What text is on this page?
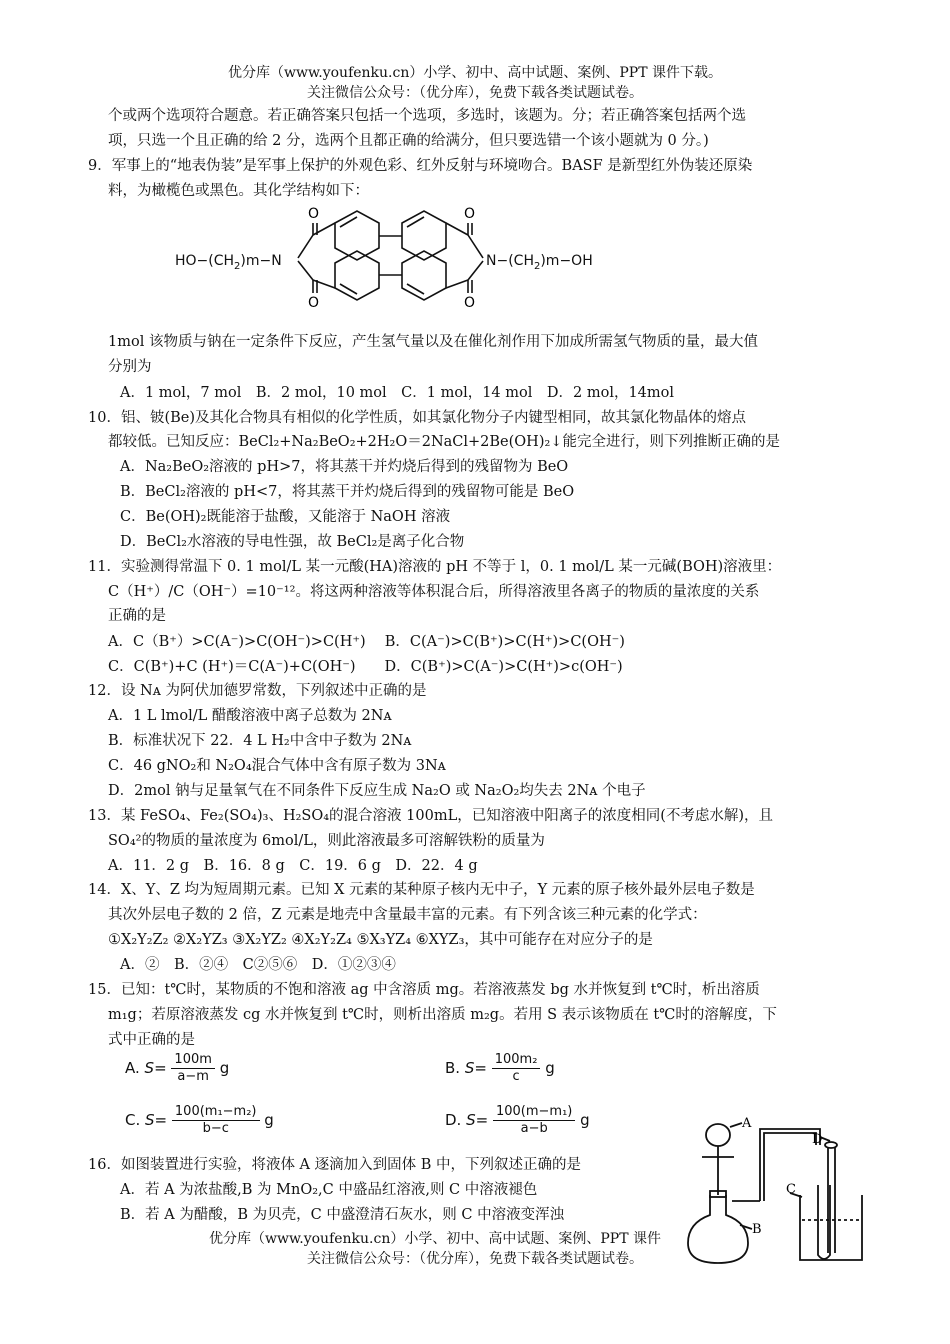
优分库（www.youfenku.cn）小学、初中、高中试题、案例、PPT 课件下载。
关注微信公众号：（优分库），免费下载各类试题试卷。
个或两个选项符合题意。若正确答案只包括一个选项，多选时，该题为。分；若正确答案包括两个选
项，只选一个且正确的给 2 分，选两个且都正确的给满分，但只要选错一个该小题就为 0 分。)
9．军事上的“地表伪装”是军事上保护的外观色彩、红外反射与环境吻合。BASF 是新型红外伪装还原染
料，为橄榄色或黑色。其化学结构如下：
O
O
O
O
$HO-(CH_2)m-N$	$N-(CH_2)m-OH$
1mol 该物质与钠在一定条件下反应，产生氢气量以及在催化剂作用下加成所需氢气物质的量，最大值
分别为
A．1 mol，7 mol　B．2 mol，10 mol　C．1 mol，14 mol　D．2 mol，14mol
10．铝、铍(Be)及其化合物具有相似的化学性质，如其氯化物分子内键型相同，故其氯化物晶体的熔点
都较低。已知反应：BeCl₂+Na₂BeO₂+2H₂O＝2NaCl+2Be(OH)₂↓能完全进行，则下列推断正确的是
A．Na₂BeO₂溶液的 pH>7，将其蒸干并灼烧后得到的残留物为 BeO
B．BeCl₂溶液的 pH<7，将其蒸干并灼烧后得到的残留物可能是 BeO
C．Be(OH)₂既能溶于盐酸，又能溶于 NaOH 溶液
D．BeCl₂水溶液的导电性强，故 BeCl₂是离子化合物
11．实验测得常温下 0. 1 mol/L 某一元酸(HA)溶液的 pH 不等于 l，0. 1 mol/L 某一元碱(BOH)溶液里：
C（H⁺）/C（OH⁻）=10⁻¹²。将这两种溶液等体积混合后，所得溶液里各离子的物质的量浓度的关系
正确的是
A．C（B⁺）>C(A⁻)>C(OH⁻)>C(H⁺)　 B．C(A⁻)>C(B⁺)>C(H⁺)>C(OH⁻)
C．C(B⁺)+C (H⁺)＝C(A⁻)+C(OH⁻)　　D．C(B⁺)>C(A⁻)>C(H⁺)>c(OH⁻)
12．设 Nᴀ 为阿伏加德罗常数，下列叙述中正确的是
A．1 L lmol/L 醋酸溶液中离子总数为 2Nᴀ
B．标准状况下 22．4 L H₂中含中子数为 2Nᴀ
C．46 gNO₂和 N₂O₄混合气体中含有原子数为 3Nᴀ
D．2mol 钠与足量氧气在不同条件下反应生成 Na₂O 或 Na₂O₂均失去 2Nᴀ 个电子
13．某 FeSO₄、Fe₂(SO₄)₃、H₂SO₄的混合溶液 100mL，已知溶液中阳离子的浓度相同(不考虑水解)，且
SO₄²的物质的量浓度为 6mol/L，则此溶液最多可溶解铁粉的质量为
A．11．2 g　B．16．8 g　C．19．6 g　D．22．4 g
14．X、Y、Z 均为短周期元素。已知 X 元素的某种原子核内无中子，Y 元素的原子核外最外层电子数是
其次外层电子数的 2 倍，Z 元素是地壳中含量最丰富的元素。有下列含该三种元素的化学式：
①X₂Y₂Z₂ ②X₂YZ₃ ③X₂YZ₂ ④X₂Y₂Z₄ ⑤X₃YZ₄ ⑥XYZ₃，其中可能存在对应分子的是
A．②　B．②④　C②⑤⑥　D．①②③④
15．已知：t℃时，某物质的不饱和溶液 ag 中含溶质 mg。若溶液蒸发 bg 水并恢复到 t℃时，析出溶质
m₁g；若原溶液蒸发 cg 水并恢复到 t℃时，则析出溶质 m₂g。若用 S 表示该物质在 t℃时的溶解度，下
式中正确的是
A. $S= \frac{100m}{a-m}$ g	B. $S= \frac{\text{100m₂}}{c}$ g
C. $S= \frac{\text{100(m₁−m₂)}}{b-c}$ g	D. $S= \frac{\text{100(m−m₁)}}{a-b}$ g
16．如图装置进行实验，将液体 A 逐滴加入到固体 B 中，下列叙述正确的是
A．若 A 为浓盐酸,B 为 MnO₂,C 中盛品红溶液,则 C 中溶液褪色
B．若 A 为醋酸，B 为贝壳，C 中盛澄清石灰水，则 C 中溶液变浑浊
A
D
B
C
优分库（www.youfenku.cn）小学、初中、高中试题、案例、PPT 课件
关注微信公众号：（优分库），免费下载各类试题试卷。
